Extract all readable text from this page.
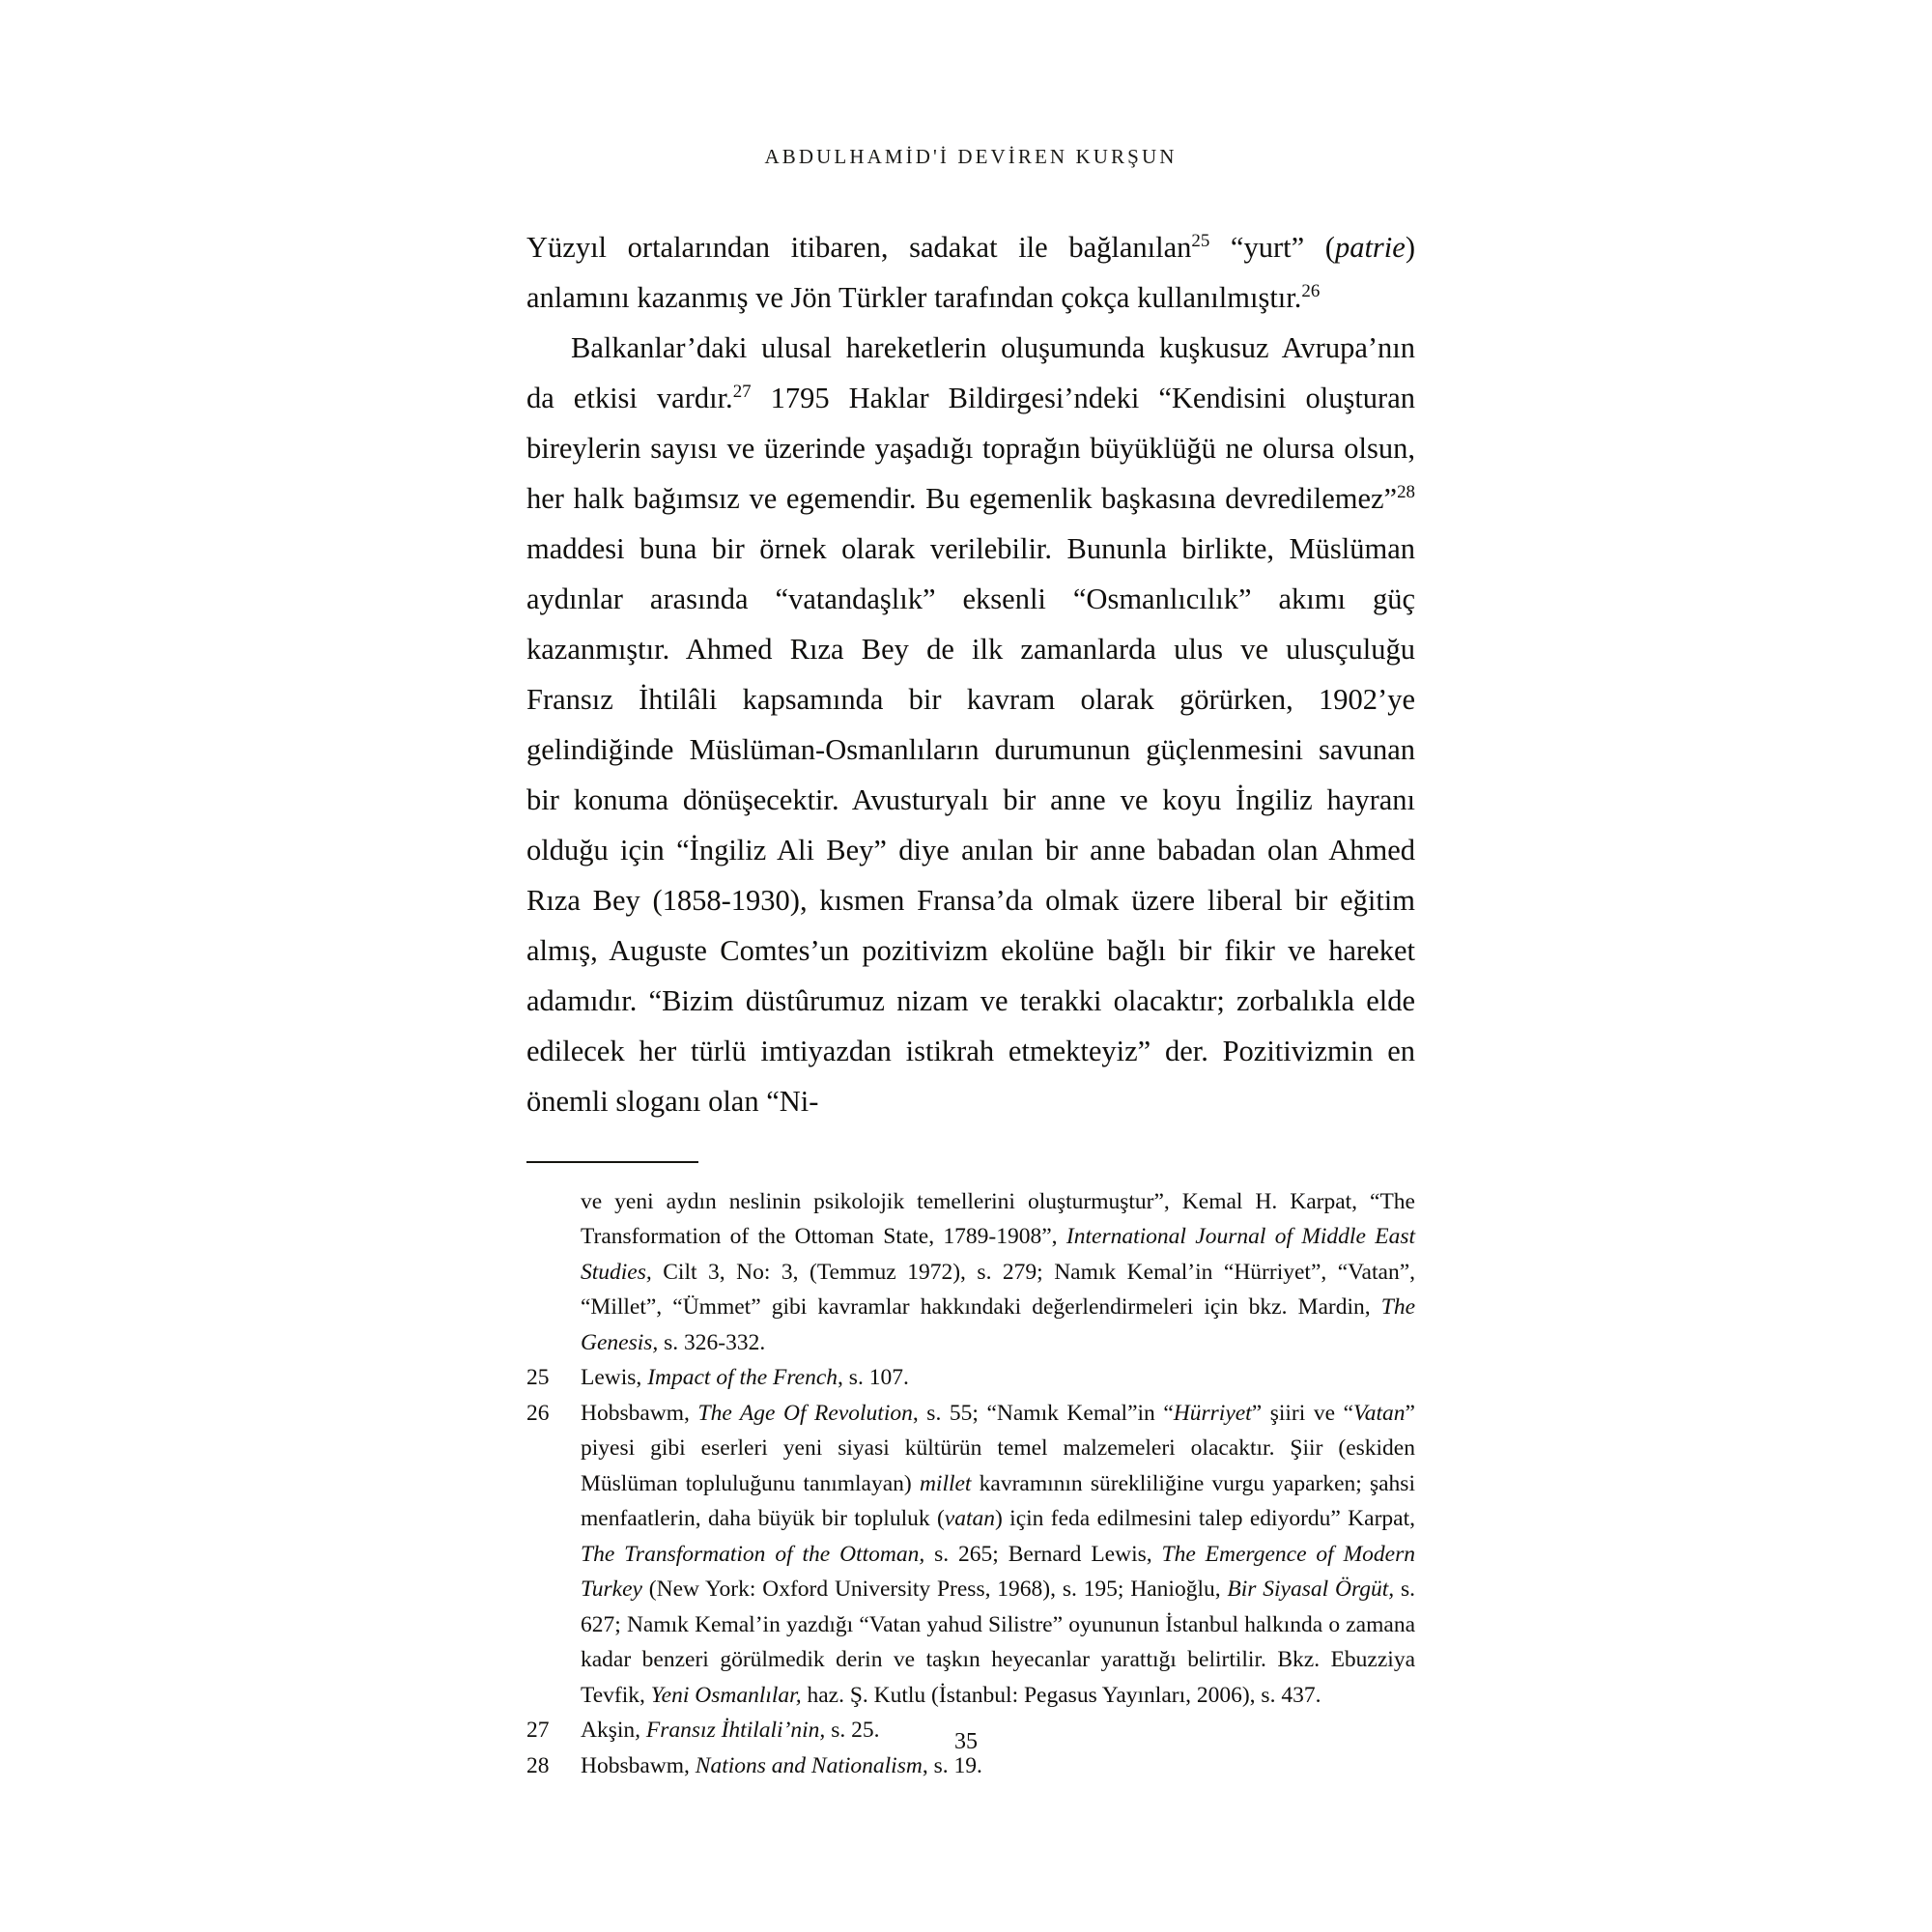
ABDULHAMİD'İ DEVİREN KURŞUN

Yüzyıl ortalarından itibaren, sadakat ile bağlanılan$^{25}$ “yurt” (patrie) anlamını kazanmış ve Jön Türkler tarafından çokça kullanılmıştır.$^{26}$

Balkanlar’daki ulusal hareketlerin oluşumunda kuşkusuz Avrupa’nın da etkisi vardır.$^{27}$ 1795 Haklar Bildirgesi’ndeki “Kendisini oluşturan bireylerin sayısı ve üzerinde yaşadığı toprağın büyüklüğü ne olursa olsun, her halk bağımsız ve egemendir. Bu egemenlik başkasına devredilemez”$^{28}$ maddesi buna bir örnek olarak verilebilir. Bununla birlikte, Müslüman aydınlar arasında “vatandaşlık” eksenli “Osmanlıcılık” akımı güç kazanmıştır. Ahmed Rıza Bey de ilk zamanlarda ulus ve ulusçuluğu Fransız İhtilâli kapsamında bir kavram olarak görürken, 1902’ye gelindiğinde Müslüman-Osmanlıların durumunun güçlenmesini savunan bir konuma dönüşecektir. Avusturyalı bir anne ve koyu İngiliz hayranı olduğu için “İngiliz Ali Bey” diye anılan bir anne babadan olan Ahmed Rıza Bey (1858-1930), kısmen Fransa’da olmak üzere liberal bir eğitim almış, Auguste Comtes’un pozitivizm ekolüne bağlı bir fikir ve hareket adamıdır. “Bizim düstûrumuz nizam ve terakki olacaktır; zorbalıkla elde edilecek her türlü imtiyazdan istikrah etmekteyiz” der. Pozitivizmin en önemli sloganı olan “Ni-

ve yeni aydın neslinin psikolojik temellerini oluşturmuştur”, Kemal H. Karpat, “The Transformation of the Ottoman State, 1789-1908”, International Journal of Middle East Studies, Cilt 3, No: 3, (Temmuz 1972), s. 279; Namık Kemal’in “Hürriyet”, “Vatan”, “Millet”, “Ümmet” gibi kavramlar hakkındaki değerlendirmeleri için bkz. Mardin, The Genesis, s. 326-332.
25	Lewis, Impact of the French, s. 107.
26	Hobsbawm, The Age Of Revolution, s. 55; “Namık Kemal”in “Hürriyet” şiiri ve “Vatan” piyesi gibi eserleri yeni siyasi kültürün temel malzemeleri olacaktır. Şiir (eskiden Müslüman topluluğunu tanımlayan) millet kavramının sürekliliğine vurgu yaparken; şahsi menfaatlerin, daha büyük bir topluluk (vatan) için feda edilmesini talep ediyordu” Karpat, The Transformation of the Ottoman, s. 265; Bernard Lewis, The Emergence of Modern Turkey (New York: Oxford University Press, 1968), s. 195; Hanioğlu, Bir Siyasal Örgüt, s. 627; Namık Kemal’in yazdığı “Vatan yahud Silistre” oyununun İstanbul halkında o zamana kadar benzeri görülmedik derin ve taşkın heyecanlar yarattığı belirtilir. Bkz. Ebuzziya Tevfik, Yeni Osmanlılar, haz. Ş. Kutlu (İstanbul: Pegasus Yayınları, 2006), s. 437.
27	Akşin, Fransız İhtilali’nin, s. 25.
28	Hobsbawm, Nations and Nationalism, s. 19.
35
